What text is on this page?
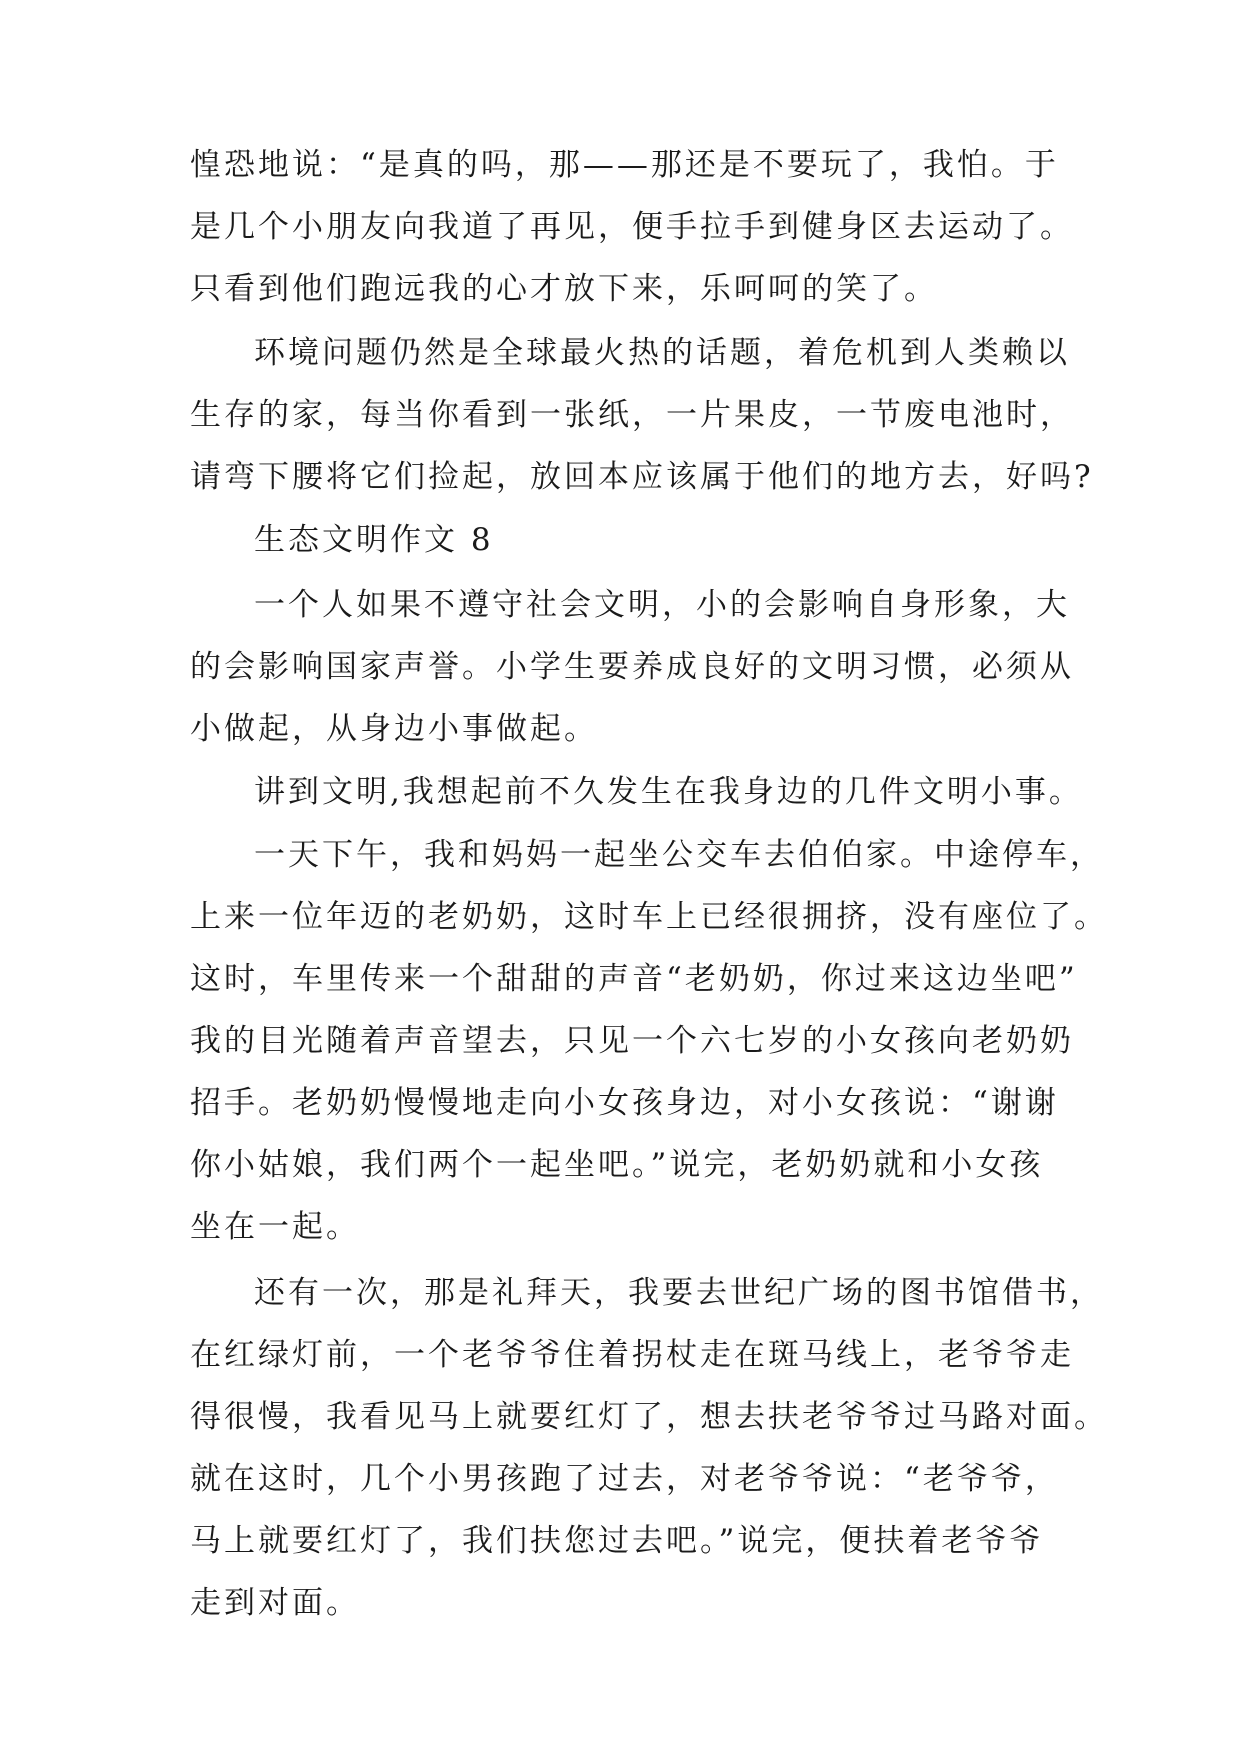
惶恐地说：“是真的吗，那——那还是不要玩了，我怕。于
是几个小朋友向我道了再见，便手拉手到健身区去运动了。
只看到他们跑远我的心才放下来，乐呵呵的笑了。
环境问题仍然是全球最火热的话题，着危机到人类赖以
生存的家，每当你看到一张纸，一片果皮，一节废电池时，
请弯下腰将它们捡起，放回本应该属于他们的地方去，好吗?
生态文明作文 8
一个人如果不遵守社会文明，小的会影响自身形象，大
的会影响国家声誉。小学生要养成良好的文明习惯，必须从
小做起，从身边小事做起。
讲到文明,我想起前不久发生在我身边的几件文明小事。
一天下午，我和妈妈一起坐公交车去伯伯家。中途停车，
上来一位年迈的老奶奶，这时车上已经很拥挤，没有座位了。
这时，车里传来一个甜甜的声音“老奶奶，你过来这边坐吧”
我的目光随着声音望去，只见一个六七岁的小女孩向老奶奶
招手。老奶奶慢慢地走向小女孩身边，对小女孩说：“谢谢
你小姑娘，我们两个一起坐吧。”说完，老奶奶就和小女孩
坐在一起。
还有一次，那是礼拜天，我要去世纪广场的图书馆借书，
在红绿灯前，一个老爷爷住着拐杖走在斑马线上，老爷爷走
得很慢，我看见马上就要红灯了，想去扶老爷爷过马路对面。
就在这时，几个小男孩跑了过去，对老爷爷说：“老爷爷，
马上就要红灯了，我们扶您过去吧。”说完，便扶着老爷爷
走到对面。
